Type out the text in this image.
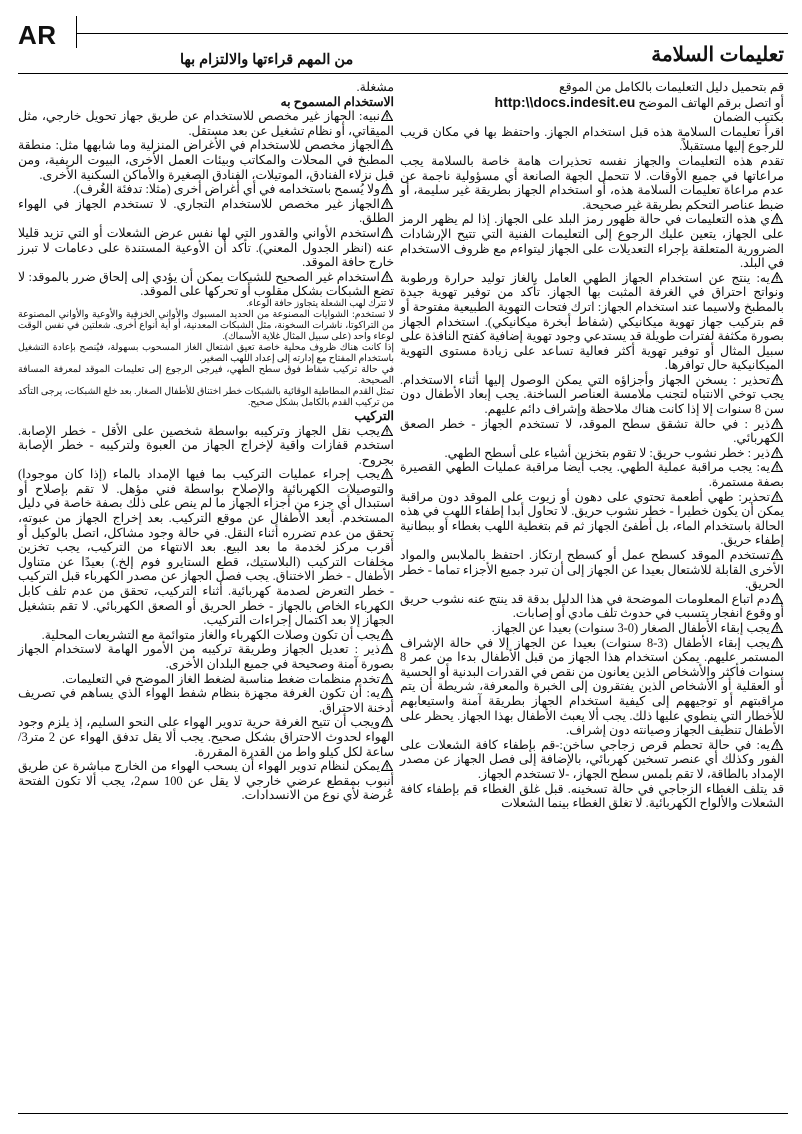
AR
تعليمات السلامة
من المهم قراءتها والالتزام بها

قم بتحميل دليل التعليمات بالكامل من الموقع

أو اتصل برقم الهاتف الموضح http:\\docs.indesit.eu

بكتيب الضمان

اقرأ تعليمات السلامة هذه قبل استخدام الجهاز. واحتفظ بها في مكان قريب للرجوع إليها مستقبلاً.

تقدم هذه التعليمات والجهاز نفسه تحذيرات هامة خاصة بالسلامة يجب مراعاتها في جميع الأوقات. لا تتحمل الجهة الصانعة أي مسؤولية ناجمة عن عدم مراعاة تعليمات السلامة هذه، أو استخدام الجهاز بطريقة غير سليمة، أو ضبط عناصر التحكم بطريقة غير صحيحة.

ي هذه التعليمات في حالة ظهور رمز البلد على الجهاز. إذا لم يظهر الرمز على الجهاز، يتعين عليك الرجوع إلى التعليمات الفنية التي تتيح الإرشادات الضرورية المتعلقة بإجراء التعديلات على الجهاز ليتواءم مع ظروف الاستخدام في البلد.

يه: ينتج عن استخدام الجهاز الطهي العامل بالغاز توليد حرارة ورطوبة ونواتج احتراق في الغرفة المثبت بها الجهاز. تأكد من توفير تهوية جيدة بالمطبخ ولاسيما عند استخدام الجهاز: اترك فتحات التهوية الطبيعية مفتوحة أو قم بتركيب جهاز تهوية ميكانيكي (شفاط أبخرة ميكانيكي). استخدام الجهاز بصورة مكثفة لفترات طويلة قد يستدعي وجود تهوية إضافية كفتح النافذة على سبيل المثال أو توفير تهوية أكثر فعالية تساعد على زيادة مستوى التهوية الميكانيكية حال توافرها.

تحذير : يسخن الجهاز وأجزاؤه التي يمكن الوصول إليها أثناء الاستخدام. يجب توخي الانتباه لتجنب ملامسة العناصر الساخنة. يجب إبعاد الأطفال دون سن 8 سنوات إلا إذا كانت هناك ملاحظة وإشراف دائم عليهم.

ذير : في حالة تشقق سطح الموقد، لا تستخدم الجهاز - خطر الصعق الكهربائي.

ذير : خطر نشوب حريق: لا تقوم بتخزين أشياء على أسطح الطهي.

يه: يجب مراقبة عملية الطهي. يجب أيضا مراقبة عمليات الطهي القصيرة بصفة مستمرة.

تحذير: طهي أطعمة تحتوي على دهون أو زيوت على الموقد دون مراقبة يمكن أن يكون خطيرا - خطر نشوب حريق. لا تحاول أبدا إطفاء اللهب في هذه الحالة باستخدام الماء، بل أطفئ الجهاز ثم قم بتغطية اللهب بغطاء أو ببطانية إطفاء حريق.

تستخدم الموقد كسطح عمل أو كسطح ارتكاز. احتفظ بالملابس والمواد الأخرى القابلة للاشتعال بعيدا عن الجهاز إلى أن تبرد جميع الأجزاء تماما - خطر الحريق.

دم اتباع المعلومات الموضحة في هذا الدليل بدقة قد ينتج عنه نشوب حريق أو وقوع انفجار يتسبب في حدوث تلف مادي أو إصابات.

يجب إبقاء الأطفال الصغار (0-3 سنوات) بعيدا عن الجهاز.

يجب إبقاء الأطفال (3-8 سنوات) بعيدا عن الجهاز إلا في حالة الإشراف المستمر عليهم. يمكن استخدام هذا الجهاز من قبل الأطفال بدءا من عمر 8 سنوات فأكثر والأشخاص الذين يعانون من نقص في القدرات البدنية أو الحسية أو العقلية أو الأشخاص الذين يفتقرون إلى الخبرة والمعرفة، شريطة أن يتم مراقبتهم أو توجيههم إلى كيفية استخدام الجهاز بطريقة آمنة واستيعابهم للأخطار التي ينطوي عليها ذلك. يجب ألا يعبث الأطفال بهذا الجهاز. يحظر على الأطفال تنظيف الجهاز وصيانته دون إشراف.

يه: في حالة تحطم قرص زجاجي ساخن:-قم بإطفاء كافة الشعلات على الفور وكذلك أي عنصر تسخين كهربائي، بالإضافة إلى فصل الجهاز عن مصدر الإمداد بالطاقة، لا تقم بلمس سطح الجهاز، -لا تستخدم الجهاز.

قد يتلف الغطاء الزجاجي في حالة تسخينه. قبل غلق الغطاء قم بإطفاء كافة الشعلات والألواح الكهربائية. لا تغلق الغطاء بينما الشعلات

مشغلة.

الاستخدام المسموح به

نبيه: الجهاز غير مخصص للاستخدام عن طريق جهاز تحويل خارجي، مثل الميقاتي، أو نظام تشغيل عن بعد مستقل.

الجهاز مخصص للاستخدام في الأغراض المنزلية وما شابهها مثل: منطقة المطبخ في المحلات والمكاتب وبيئات العمل الأخرى، البيوت الريفية، ومن قبل نزلاء الفنادق، الموتيلات، الفنادق الصغيرة والأماكن السكنية الأخرى.

ولا يُسمح باستخدامه في أي أغراض أخرى (مثلا: تدفئة الغُرف).

الجهاز غير مخصص للاستخدام التجاري. لا تستخدم الجهاز في الهواء الطلق.

استخدم الأواني والقدور التي لها نفس عرض الشعلات أو التي تزيد قليلا عنه (انظر الجدول المعني). تأكد أن الأوعية المستندة على دعامات لا تبرز خارج حافة الموقد.

استخدام غير الصحيح للشبكات يمكن أن يؤدي إلى إلحاق ضرر بالموقد: لا تضع الشبكات بشكل مقلوب أو تحركها على الموقد.

لا تترك لهب الشعلة يتجاوز حافة الوعاء.

لا تستخدم: الشوايات المصنوعة من الحديد المسبوك والأواني الخزفية والأوعية والأواني المصنوعة من التراكوتا، ناشرات السخونة، مثل الشبكات المعدنية، أو أية أنواع أخرى. شعلتين في نفس الوقت لوعاء واحد (على سبيل المثال غلاية الأسماك).

إذا كانت هناك ظروف محلية خاصة تعيق اشتعال الغاز المسحوب بسهولة، فيُنصح بإعادة التشغيل باستخدام المفتاح مع إدارته إلى إعداد اللهب الصغير.

في حالة تركيب شفاط فوق سطح الطهي، فيرجى الرجوع إلى تعليمات الموقد لمعرفة المسافة الصحيحة.

تمثل القدم المطاطية الوقائية بالشبكات خطر اختناق للأطفال الصغار. بعد خلع الشبكات، يرجى التأكد من تركيب القدم بالكامل بشكل صحيح.

التركيب

يجب نقل الجهاز وتركيبه بواسطة شخصين على الأقل - خطر الإصابة. استخدم قفازات واقية لإخراج الجهاز من العبوة ولتركيبه - خطر الإصابة بجروح.

يجب إجراء عمليات التركيب بما فيها الإمداد بالماء (إذا كان موجودا) والتوصيلات الكهربائية والإصلاح بواسطة فني مؤهل. لا تقم بإصلاح أو استبدال أي جزء من أجزاء الجهاز ما لم ينص على ذلك بصفة خاصة في دليل المستخدم. أبعد الأطفال عن موقع التركيب. بعد إخراج الجهاز من عبوته، تحقق من عدم تضرره أثناء النقل. في حالة وجود مشاكل، اتصل بالوكيل أو أقرب مركز لخدمة ما بعد البيع. بعد الانتهاء من التركيب، يجب تخزين مخلفات التركيب (البلاستيك، قطع الستايرو فوم إلخ.) بعيدًا عن متناول الأطفال - خطر الاختناق. يجب فصل الجهاز عن مصدر الكهرباء قبل التركيب - خطر التعرض لصدمة كهربائية. أثناء التركيب، تحقق من عدم تلف كابل الكهرباء الخاص بالجهاز - خطر الحريق أو الصعق الكهربائي. لا تقم بتشغيل الجهاز إلا بعد اكتمال إجراءات التركيب.

يجب أن تكون وصلات الكهرباء والغاز متوائمة مع التشريعات المحلية.

ذير : تعديل الجهاز وطريقة تركيبه من الأمور الهامة لاستخدام الجهاز بصورة آمنة وصحيحة في جميع البلدان الأخرى.

تخدم منظمات ضغط مناسبة لضغط الغاز الموضح في التعليمات.

يه: أن تكون الغرفة مجهزة بنظام شفط الهواء الذي يساهم في تصريف أدخنة الاحتراق.

ويجب أن تتيح الغرفة حرية تدوير الهواء على النحو السليم، إذ يلزم وجود الهواء لحدوث الاحتراق بشكل صحيح. يجب ألا يقل تدفق الهواء عن 2 متر3/ساعة لكل كيلو واط من القدرة المقررة.

يمكن لنظام تدوير الهواء أن يسحب الهواء من الخارج مباشرة عن طريق أنبوب بمقطع عرضي خارجي لا يقل عن 100 سم2، يجب ألا تكون الفتحة عُرضة لأي نوع من الانسدادات.
